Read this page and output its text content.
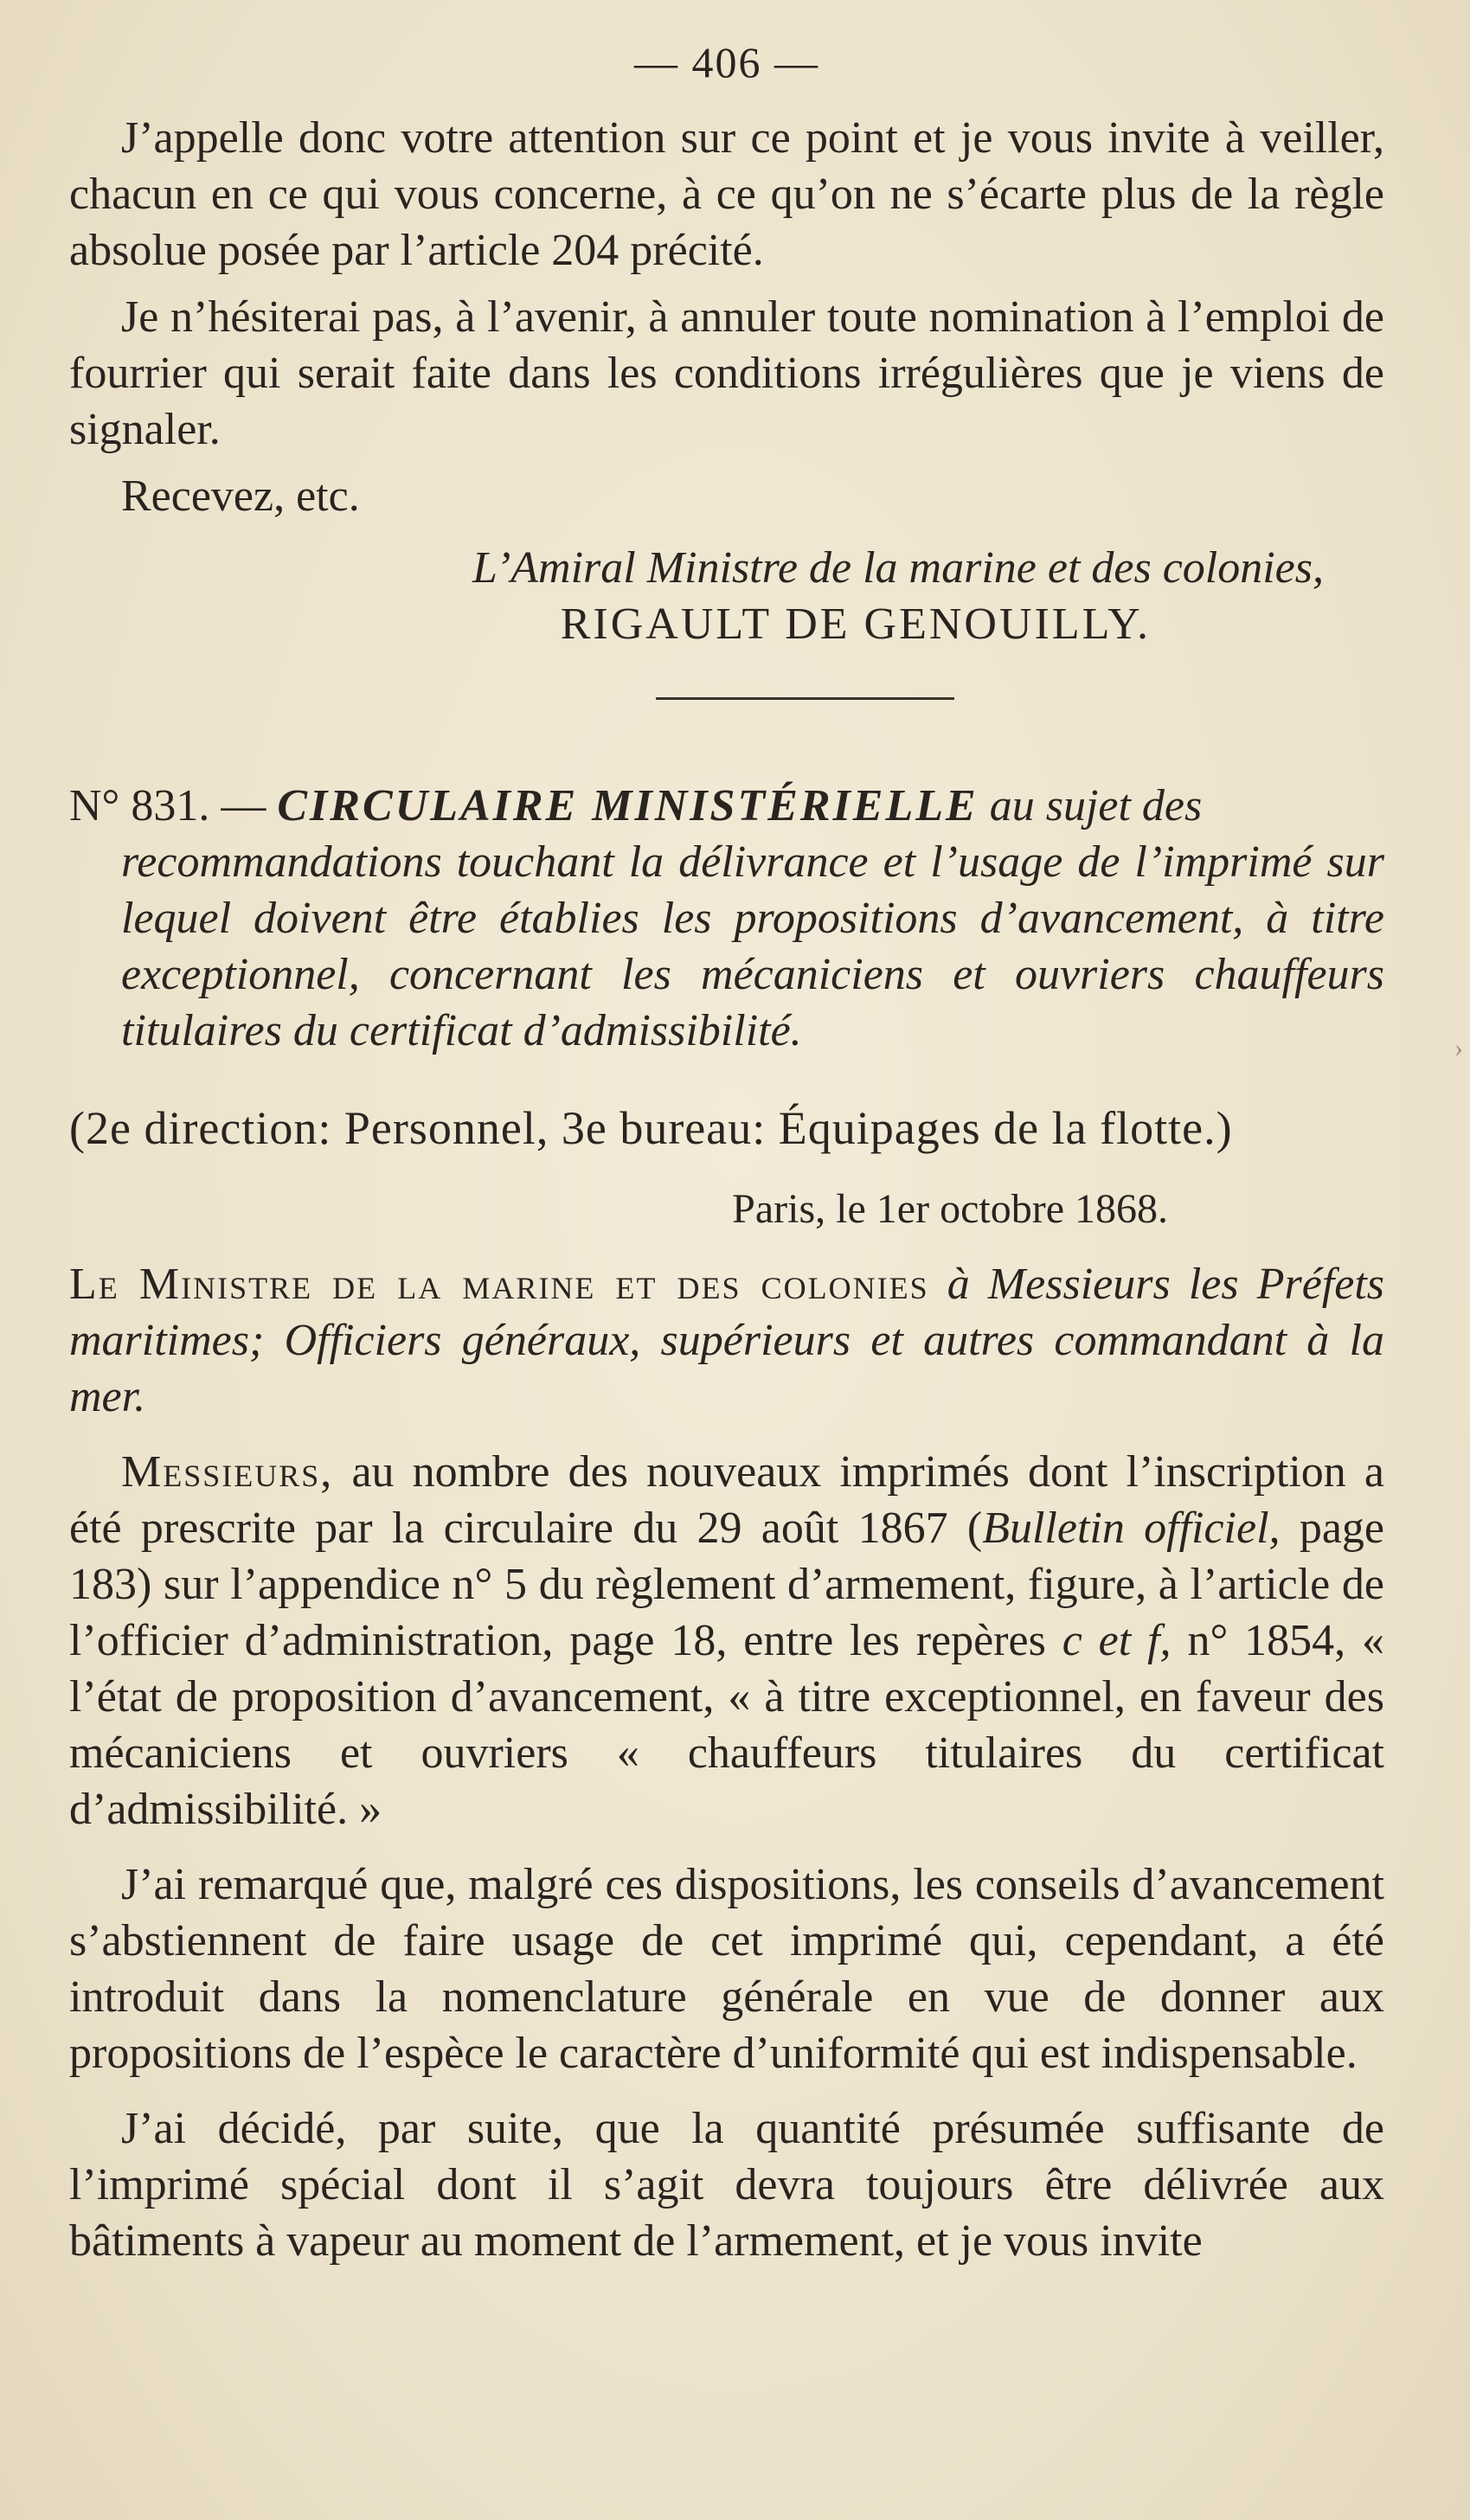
— 406 —

J’appelle donc votre attention sur ce point et je vous invite à veiller, chacun en ce qui vous concerne, à ce qu’on ne s’écarte plus de la règle absolue posée par l’article 204 précité.

Je n’hésiterai pas, à l’avenir, à annuler toute nomination à l’emploi de fourrier qui serait faite dans les conditions irrégulières que je viens de signaler.

Recevez, etc.

L’Amiral Ministre de la marine et des colonies,
RIGAULT DE GENOUILLY.

N° 831. — CIRCULAIRE MINISTÉRIELLE au sujet des

recommandations touchant la délivrance et l’usage de l’imprimé sur lequel doivent être établies les propositions d’avancement, à titre exceptionnel, concernant les mécaniciens et ouvriers chauffeurs titulaires du certificat d’admissibilité.

(2e direction: Personnel, 3e bureau: Équipages de la flotte.)

Paris, le 1er octobre 1868.

Le Ministre de la marine et des colonies à Messieurs les Préfets maritimes; Officiers généraux, supérieurs et autres commandant à la mer.

Messieurs, au nombre des nouveaux imprimés dont l’inscription a été prescrite par la circulaire du 29 août 1867 (Bulletin officiel, page 183) sur l’appendice n° 5 du règlement d’armement, figure, à l’article de l’officier d’administration, page 18, entre les repères c et f, n° 1854, « l’état de proposition d’avancement, « à titre exceptionnel, en faveur des mécaniciens et ouvriers « chauffeurs titulaires du certificat d’admissibilité. »

J’ai remarqué que, malgré ces dispositions, les conseils d’avancement s’abstiennent de faire usage de cet imprimé qui, cependant, a été introduit dans la nomenclature générale en vue de donner aux propositions de l’espèce le caractère d’uniformité qui est indispensable.

J’ai décidé, par suite, que la quantité présumée suffisante de l’imprimé spécial dont il s’agit devra toujours être délivrée aux bâtiments à vapeur au moment de l’armement, et je vous invite

›
